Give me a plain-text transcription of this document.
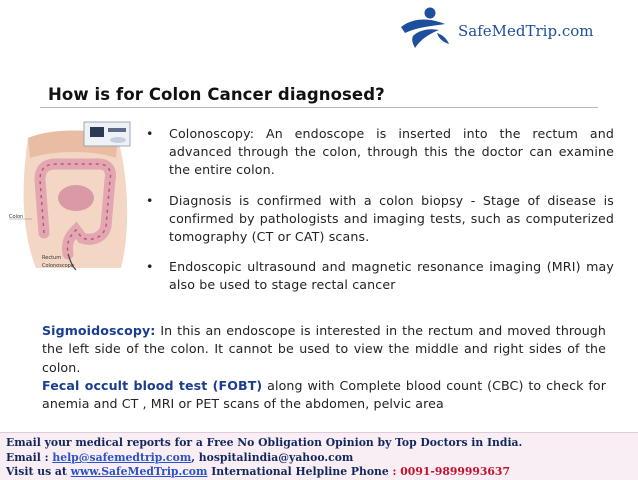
SafeMedTrip.com
How is for Colon Cancer diagnosed?
Colon
Rectum
Colonoscope
• Colonoscopy: An endoscope is inserted into the rectum and advanced through the colon, through this the doctor can examine the entire colon.
• Diagnosis is confirmed with a colon biopsy - Stage of disease is confirmed by pathologists and imaging tests, such as computerized tomography (CT or CAT) scans.
• Endoscopic ultrasound and magnetic resonance imaging (MRI) may also be used to stage rectal cancer
Sigmoidoscopy: In this an endoscope is interested in the rectum and moved through the left side of the colon. It cannot be used to view the middle and right sides of the colon.
Fecal occult blood test (FOBT) along with Complete blood count (CBC) to check for anemia and CT , MRI or PET scans of the abdomen, pelvic area
Email your medical reports for a Free No Obligation Opinion by Top Doctors in India.
Email : help@safemedtrip.com, hospitalindia@yahoo.com
Visit us at www.SafeMedTrip.com International Helpline Phone : 0091-9899993637
